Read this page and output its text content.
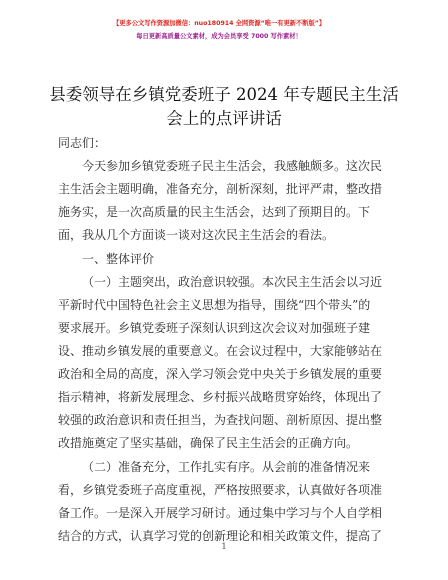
【更多公文写作资源加微信：nuo180914 全网资源“唯一有更新不断版”】
每日更新高质量公文素材，成为会员享受 7000 写作素材！
县委领导在乡镇党委班子 2024 年专题民主生活
会上的点评讲话
同志们：
今天参加乡镇党委班子民主生活会，我感触颇多。这次民
主生活会主题明确，准备充分，剖析深刻，批评严肃，整改措
施务实，是一次高质量的民主生活会，达到了预期目的。下
面，我从几个方面谈一谈对这次民主生活会的看法。
一、整体评价
（一）主题突出，政治意识较强。本次民主生活会以习近
平新时代中国特色社会主义思想为指导，围绕“四个带头”的
要求展开。乡镇党委班子深刻认识到这次会议对加强班子建
设、推动乡镇发展的重要意义。在会议过程中，大家能够站在
政治和全局的高度，深入学习领会党中央关于乡镇发展的重要
指示精神，将新发展理念、乡村振兴战略贯穿始终，体现出了
较强的政治意识和责任担当，为查找问题、剖析原因、提出整
改措施奠定了坚实基础，确保了民主生活会的正确方向。
（二）准备充分，工作扎实有序。从会前的准备情况来
看，乡镇党委班子高度重视，严格按照要求，认真做好各项准
备工作。一是深入开展学习研讨。通过集中学习与个人自学相
结合的方式，认真学习党的创新理论和相关政策文件，提高了
1
